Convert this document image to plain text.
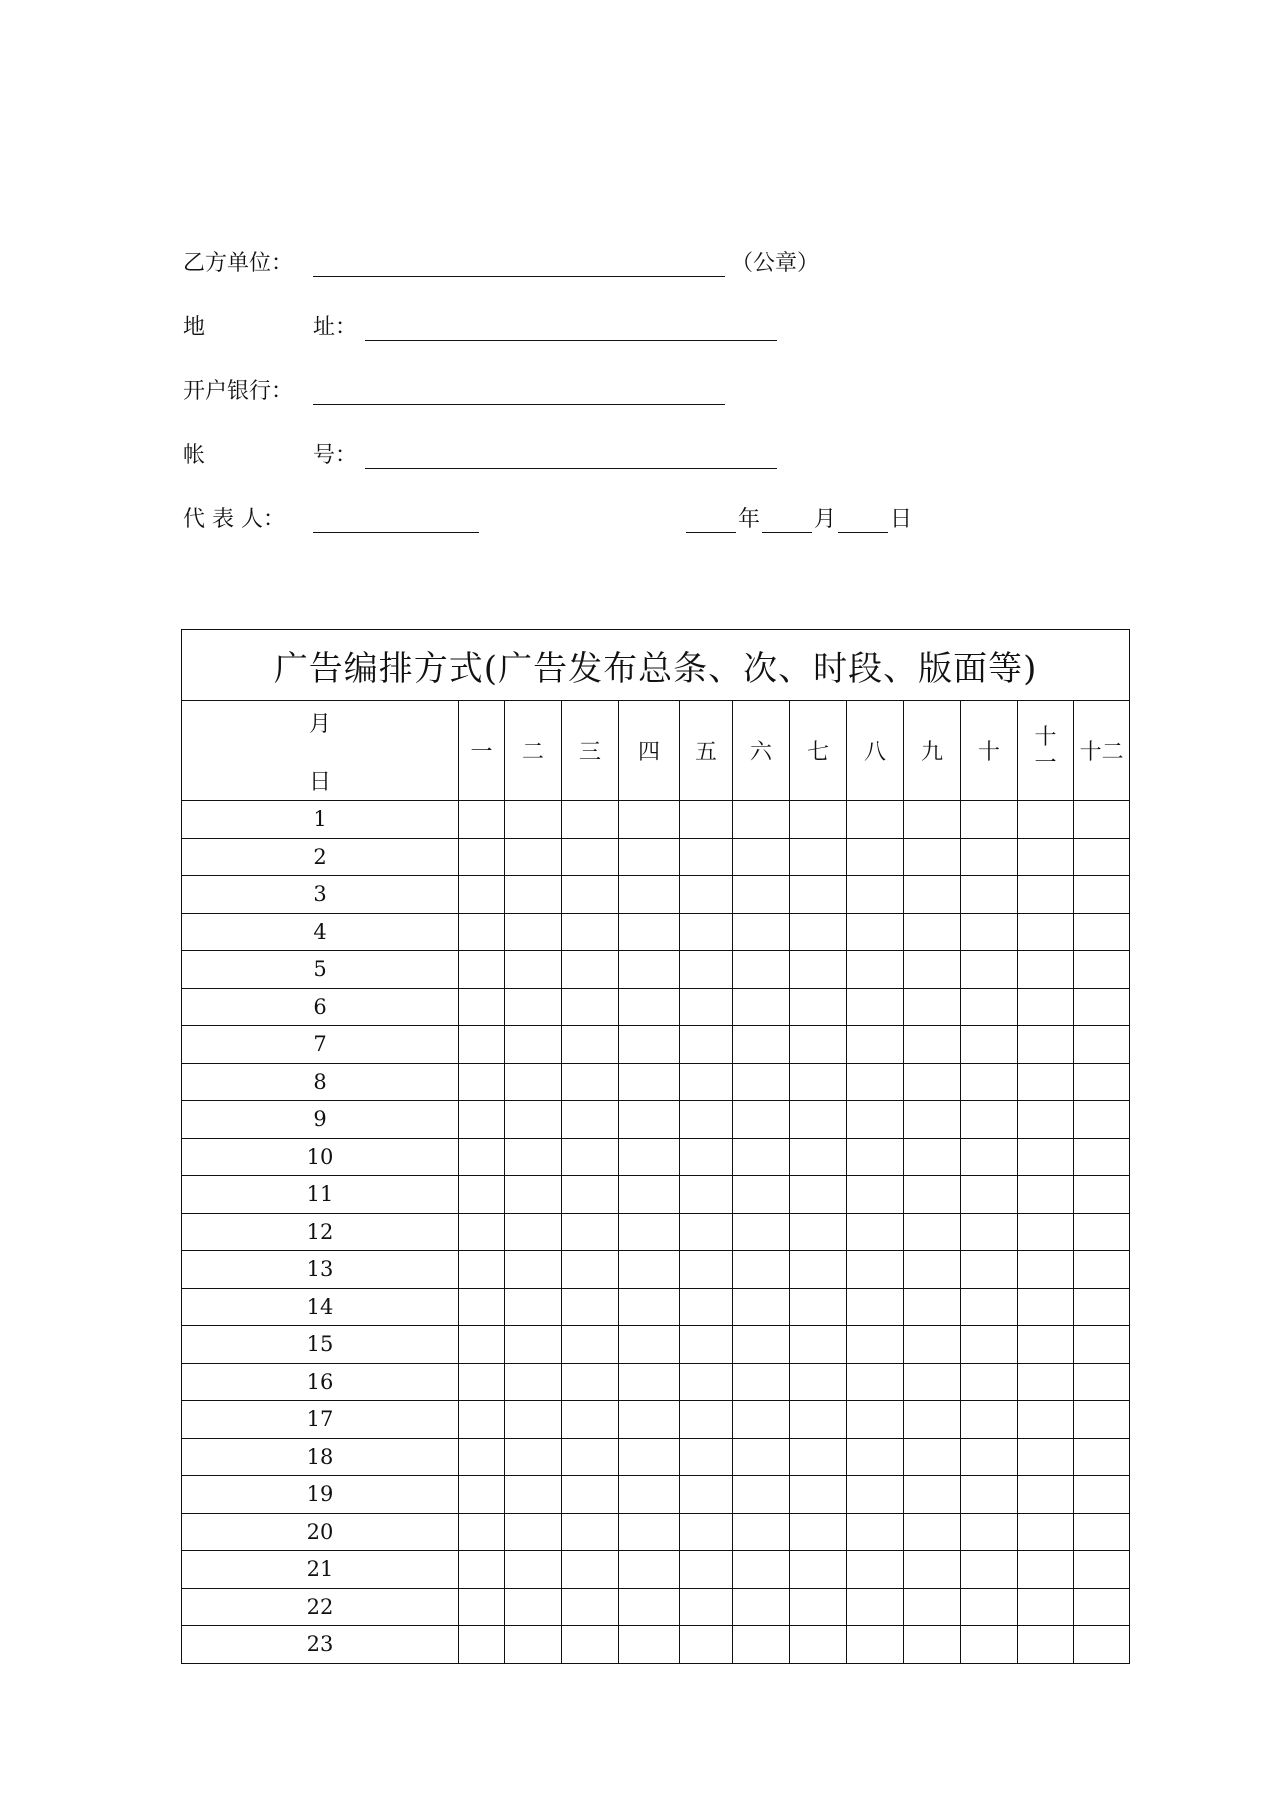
乙方单位：	（公章）
地	址：
开户银行：
帐	号：
代 表 人：	年 月 日
广告编排方式(广告发布总条、次、时段、版面等)												

月
日	一	二	三	四	五	六	七	八	九	十	十一	十二
1												
2												
3												
4												
5												
6												
7												
8												
9												
10												
11												
12												
13												
14												
15												
16												
17												
18												
19												
20												
21												
22												
23												
